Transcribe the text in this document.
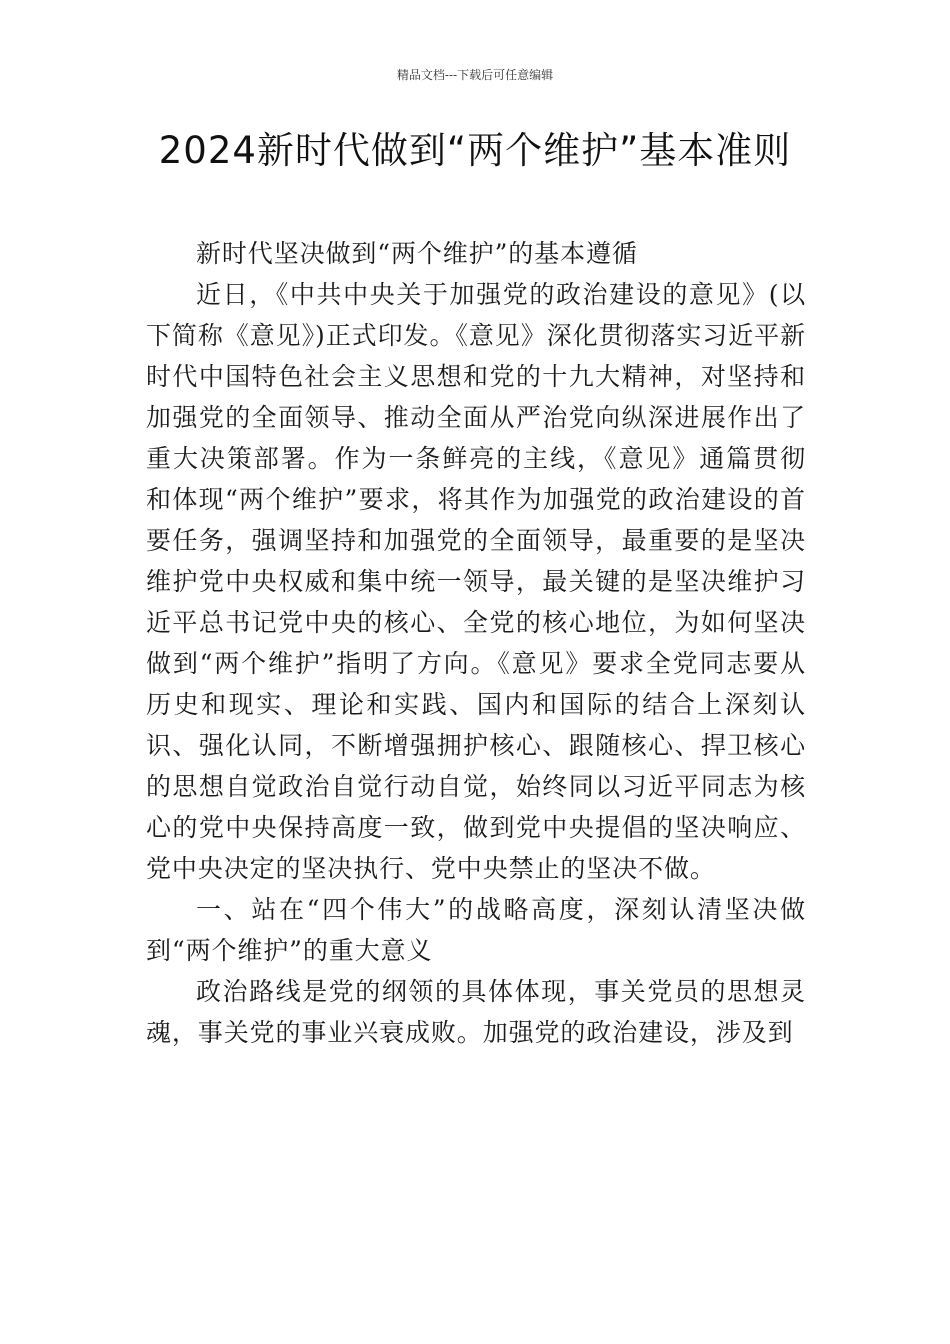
精品文档---下载后可任意编辑
2024新时代做到“两个维护”基本准则

新时代坚决做到“两个维护”的基本遵循

近日，《中共中央关于加强党的政治建设的意见》(以下简称《意见》)正式印发。《意见》深化贯彻落实习近平新时代中国特色社会主义思想和党的十九大精神，对坚持和加强党的全面领导、推动全面从严治党向纵深进展作出了重大决策部署。作为一条鲜亮的主线，《意见》通篇贯彻和体现“两个维护”要求，将其作为加强党的政治建设的首要任务，强调坚持和加强党的全面领导，最重要的是坚决维护党中央权威和集中统一领导，最关键的是坚决维护习近平总书记党中央的核心、全党的核心地位，为如何坚决做到“两个维护”指明了方向。《意见》要求全党同志要从历史和现实、理论和实践、国内和国际的结合上深刻认识、强化认同，不断增强拥护核心、跟随核心、捍卫核心的思想自觉政治自觉行动自觉，始终同以习近平同志为核心的党中央保持高度一致，做到党中央提倡的坚决响应、党中央决定的坚决执行、党中央禁止的坚决不做。

一、站在“四个伟大”的战略高度，深刻认清坚决做到“两个维护”的重大意义

政治路线是党的纲领的具体体现，事关党员的思想灵魂，事关党的事业兴衰成败。加强党的政治建设，涉及到
